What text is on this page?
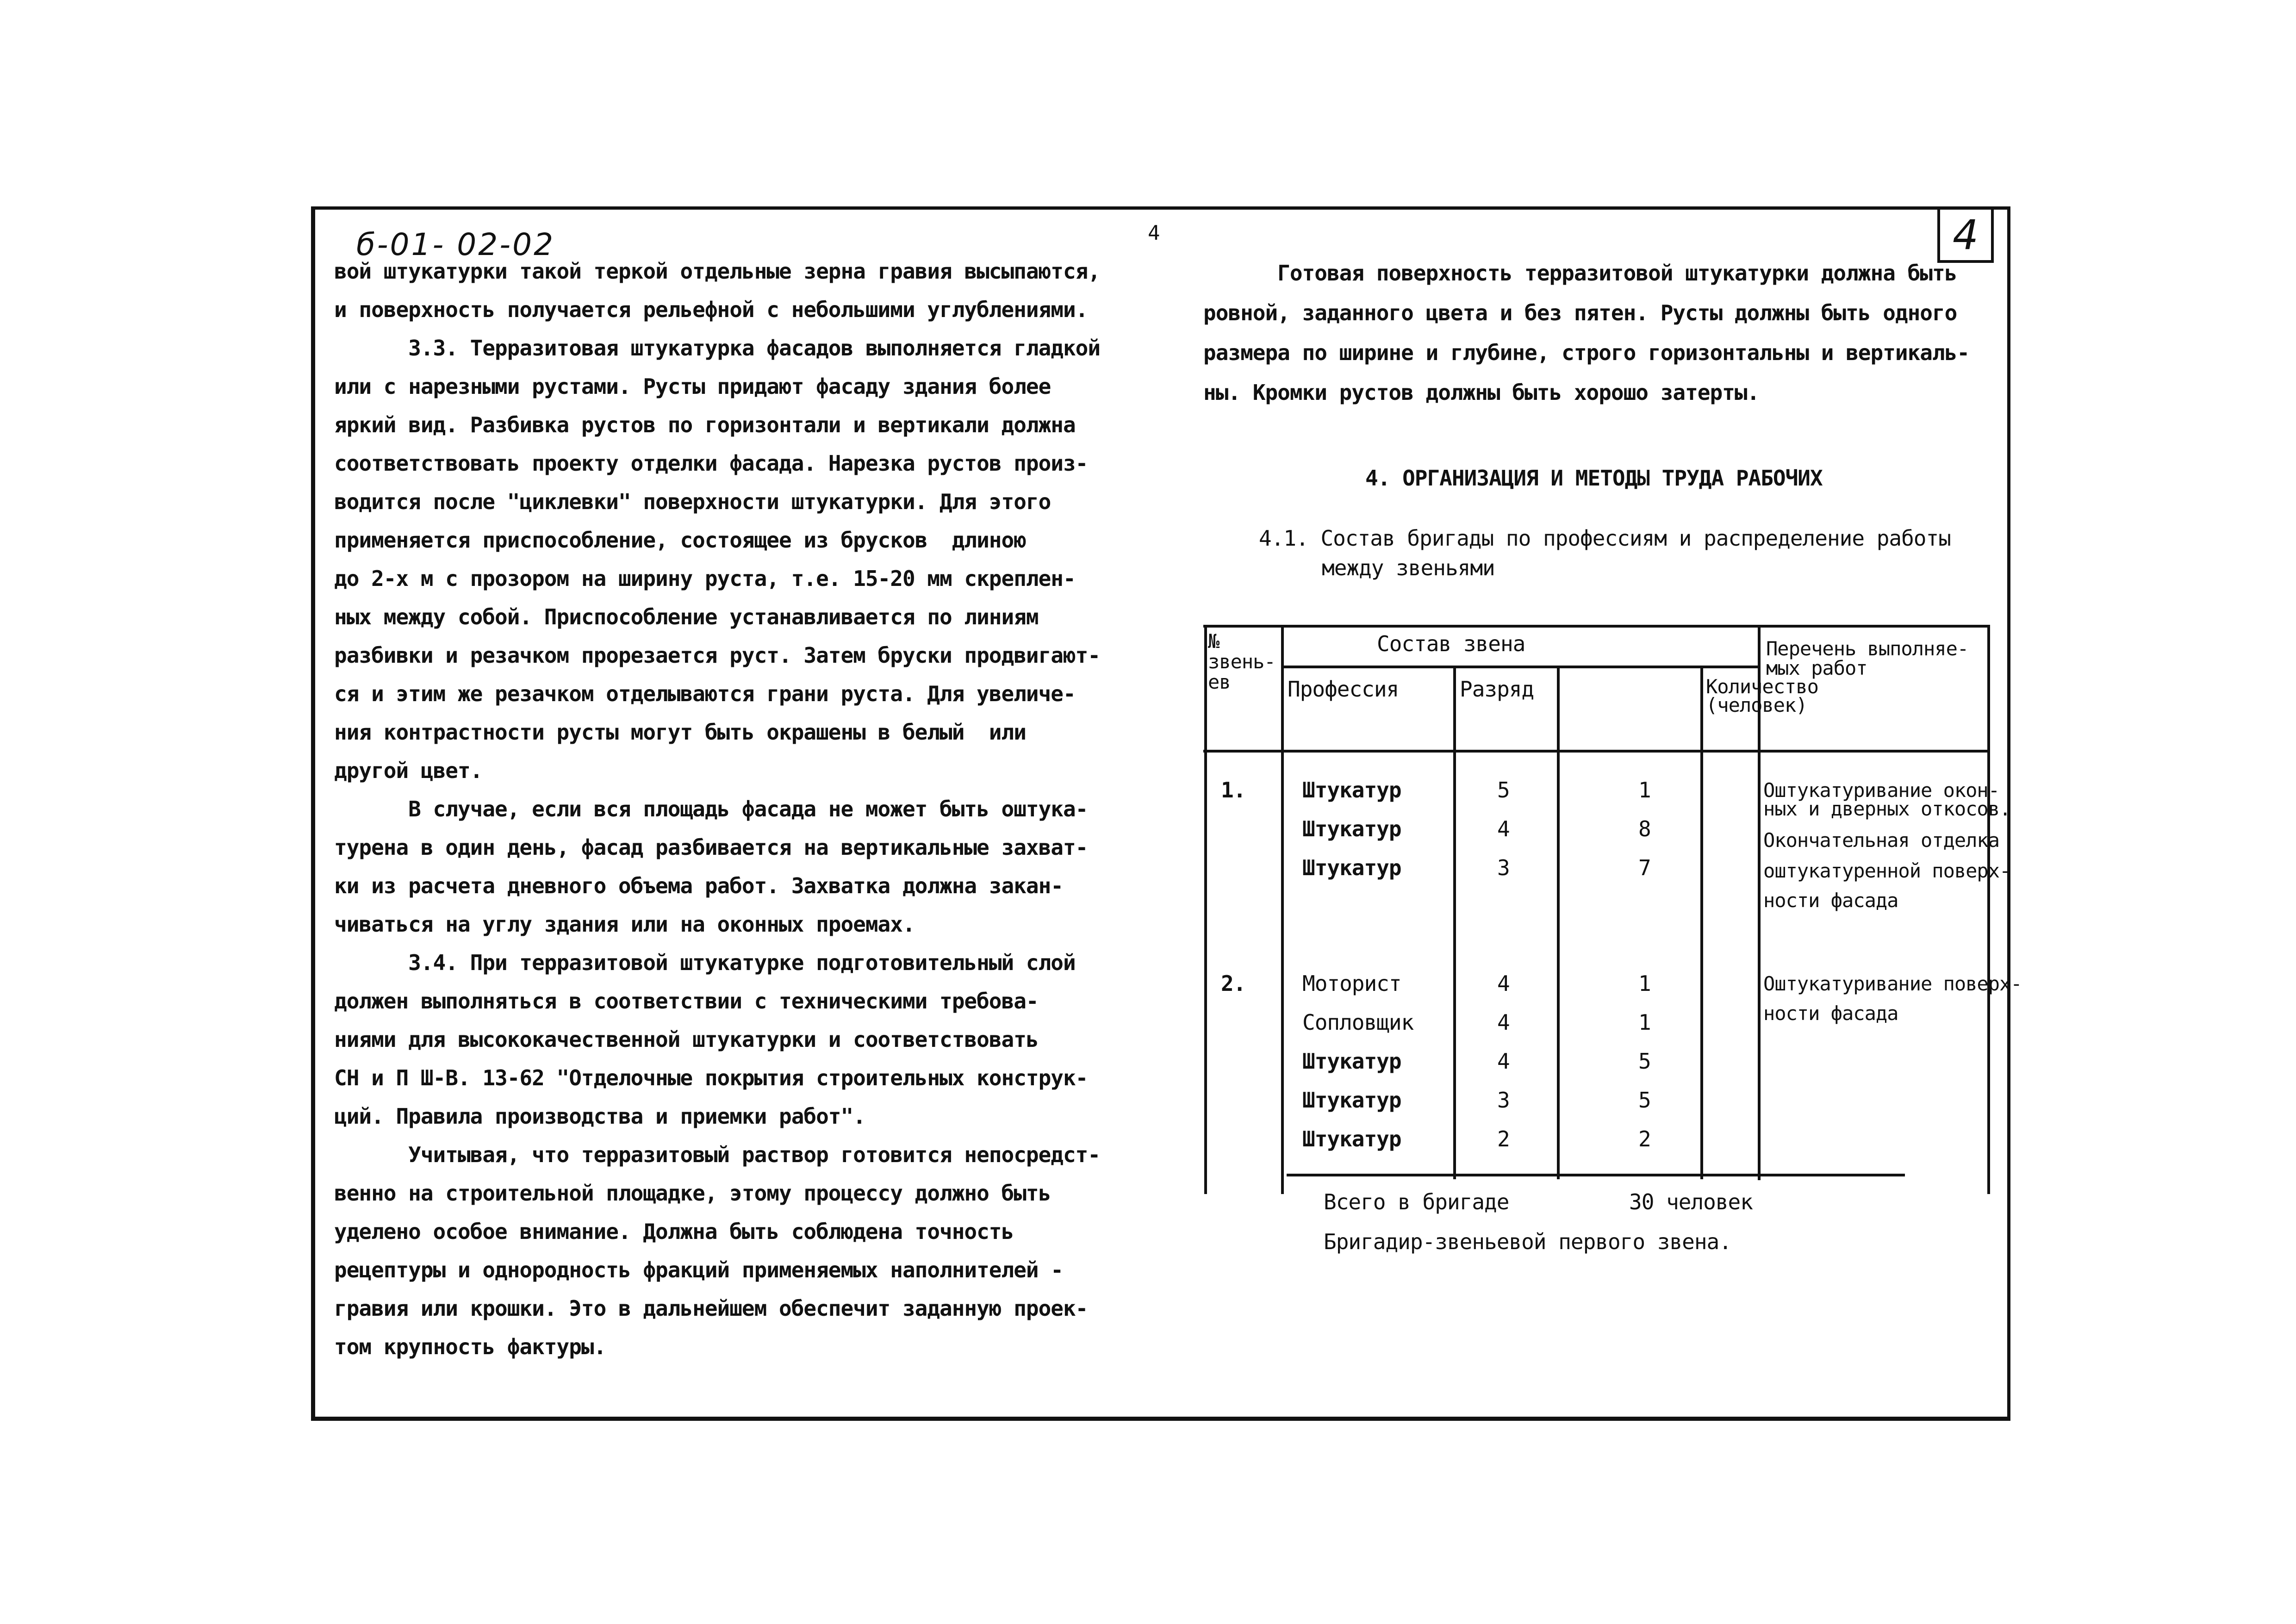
4
б-01- 02-02	4
вой штукатурки такой теркой отдельные зерна гравия высыпаются,
и поверхность получается рельефной с небольшими углублениями.
3.3. Терразитовая штукатурка фасадов выполняется гладкой
или с нарезными рустами. Русты придают фасаду здания более
яркий вид. Разбивка рустов по горизонтали и вертикали должна
соответствовать проекту отделки фасада. Нарезка рустов произ-
водится после "циклевки" поверхности штукатурки. Для этого
применяется приспособление, состоящее из брусков  длиною
до 2-х м с прозором на ширину руста, т.е. 15-20 мм скреплен-
ных между собой. Приспособление устанавливается по линиям
разбивки и резачком прорезается руст. Затем бруски продвигают-
ся и этим же резачком отделываются грани руста. Для увеличе-
ния контрастности русты могут быть окрашены в белый  или
другой цвет.
В случае, если вся площадь фасада не может быть оштука-
турена в один день, фасад разбивается на вертикальные захват-
ки из расчета дневного объема работ. Захватка должна закан-
чиваться на углу здания или на оконных проемах.
3.4. При терразитовой штукатурке подготовительный слой
должен выполняться в соответствии с техническими требова-
ниями для высококачественной штукатурки и соответствовать
СН и П Ш-В. 13-62 "Отделочные покрытия строительных конструк-
ций. Правила производства и приемки работ".
Учитывая, что терразитовый раствор готовится непосредст-
венно на строительной площадке, этому процессу должно быть
уделено особое внимание. Должна быть соблюдена точность
рецептуры и однородность фракций применяемых наполнителей -
гравия или крошки. Это в дальнейшем обеспечит заданную проек-
том крупность фактуры.
Готовая поверхность терразитовой штукатурки должна быть
ровной, заданного цвета и без пятен. Русты должны быть одного
размера по ширине и глубине, строго горизонтальны и вертикаль-
ны. Кромки рустов должны быть хорошо затерты.
4. ОРГАНИЗАЦИЯ И МЕТОДЫ ТРУДА РАБОЧИХ
4.1. Состав бригады по профессиям и распределение работы
между звеньями
№
звень-
ев
Состав звена
Профессия	Разряд	Количество
(человек)
Перечень выполняе-
мых работ
1.	Штукатур	5	1
Штукатур	4	8
Штукатур	3	7
Оштукатуривание окон-
ных и дверных откосов.
Окончательная отделка
оштукатуренной поверх-
ности фасада
2.	Моторист	4	1
Сопловщик	4	1
Штукатур	4	5
Штукатур	3	5
Штукатур	2	2
Оштукатуривание поверх-
ности фасада
Всего в бригаде	30 человек
Бригадир-звеньевой первого звена.
